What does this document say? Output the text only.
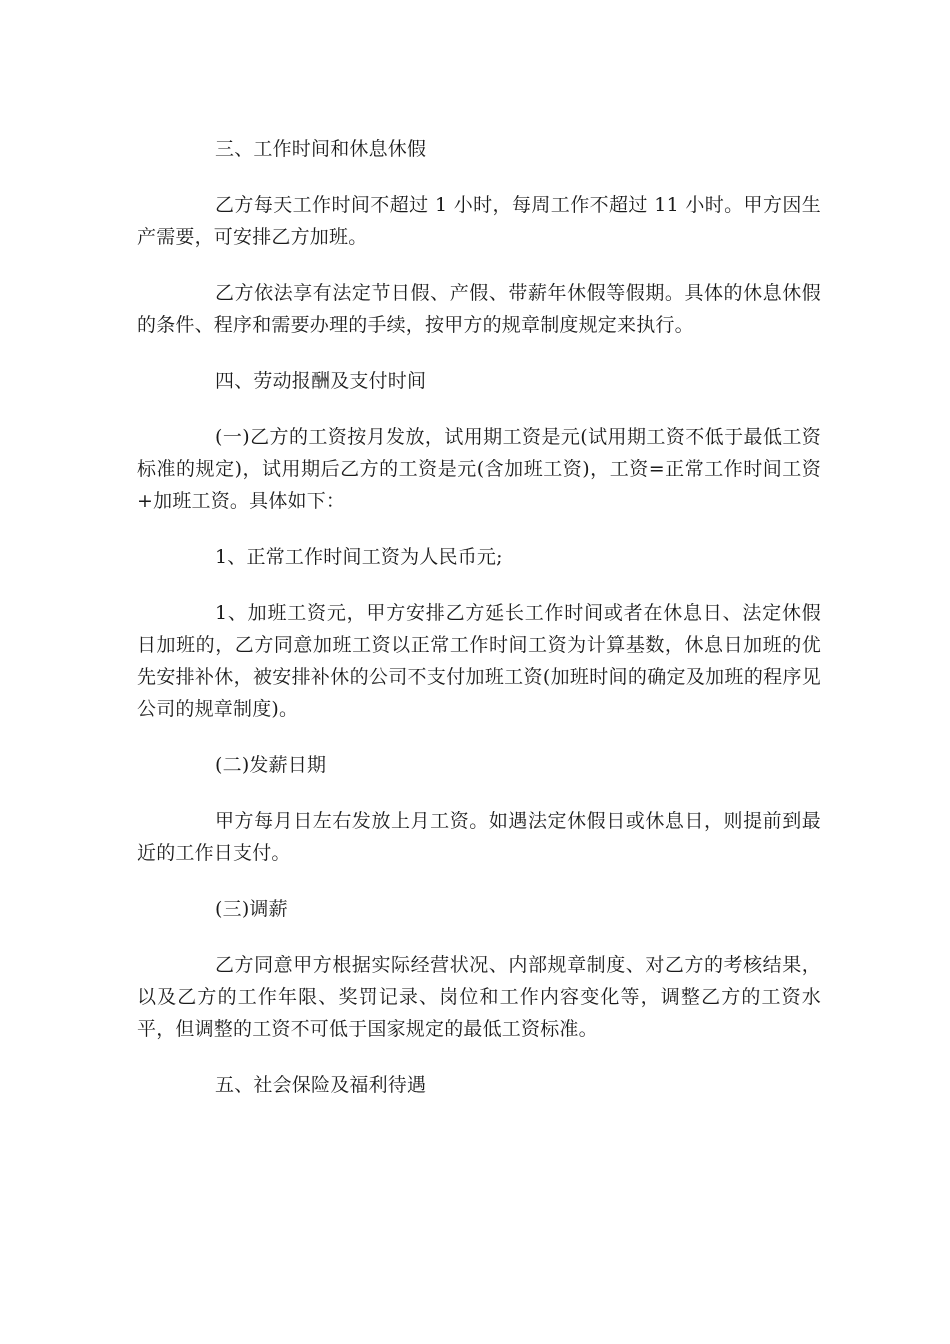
三、工作时间和休息休假

乙方每天工作时间不超过 1 小时，每周工作不超过 11 小时。甲方因生产需要，可安排乙方加班。

乙方依法享有法定节日假、产假、带薪年休假等假期。具体的休息休假的条件、程序和需要办理的手续，按甲方的规章制度规定来执行。

四、劳动报酬及支付时间

(一)乙方的工资按月发放，试用期工资是元(试用期工资不低于最低工资标准的规定)，试用期后乙方的工资是元(含加班工资)，工资=正常工作时间工资+加班工资。具体如下：

1、正常工作时间工资为人民币元;

1、加班工资元，甲方安排乙方延长工作时间或者在休息日、法定休假日加班的，乙方同意加班工资以正常工作时间工资为计算基数，休息日加班的优先安排补休，被安排补休的公司不支付加班工资(加班时间的确定及加班的程序见公司的规章制度)。

(二)发薪日期

甲方每月日左右发放上月工资。如遇法定休假日或休息日，则提前到最近的工作日支付。

(三)调薪

乙方同意甲方根据实际经营状况、内部规章制度、对乙方的考核结果，以及乙方的工作年限、奖罚记录、岗位和工作内容变化等，调整乙方的工资水平，但调整的工资不可低于国家规定的最低工资标准。

五、社会保险及福利待遇
